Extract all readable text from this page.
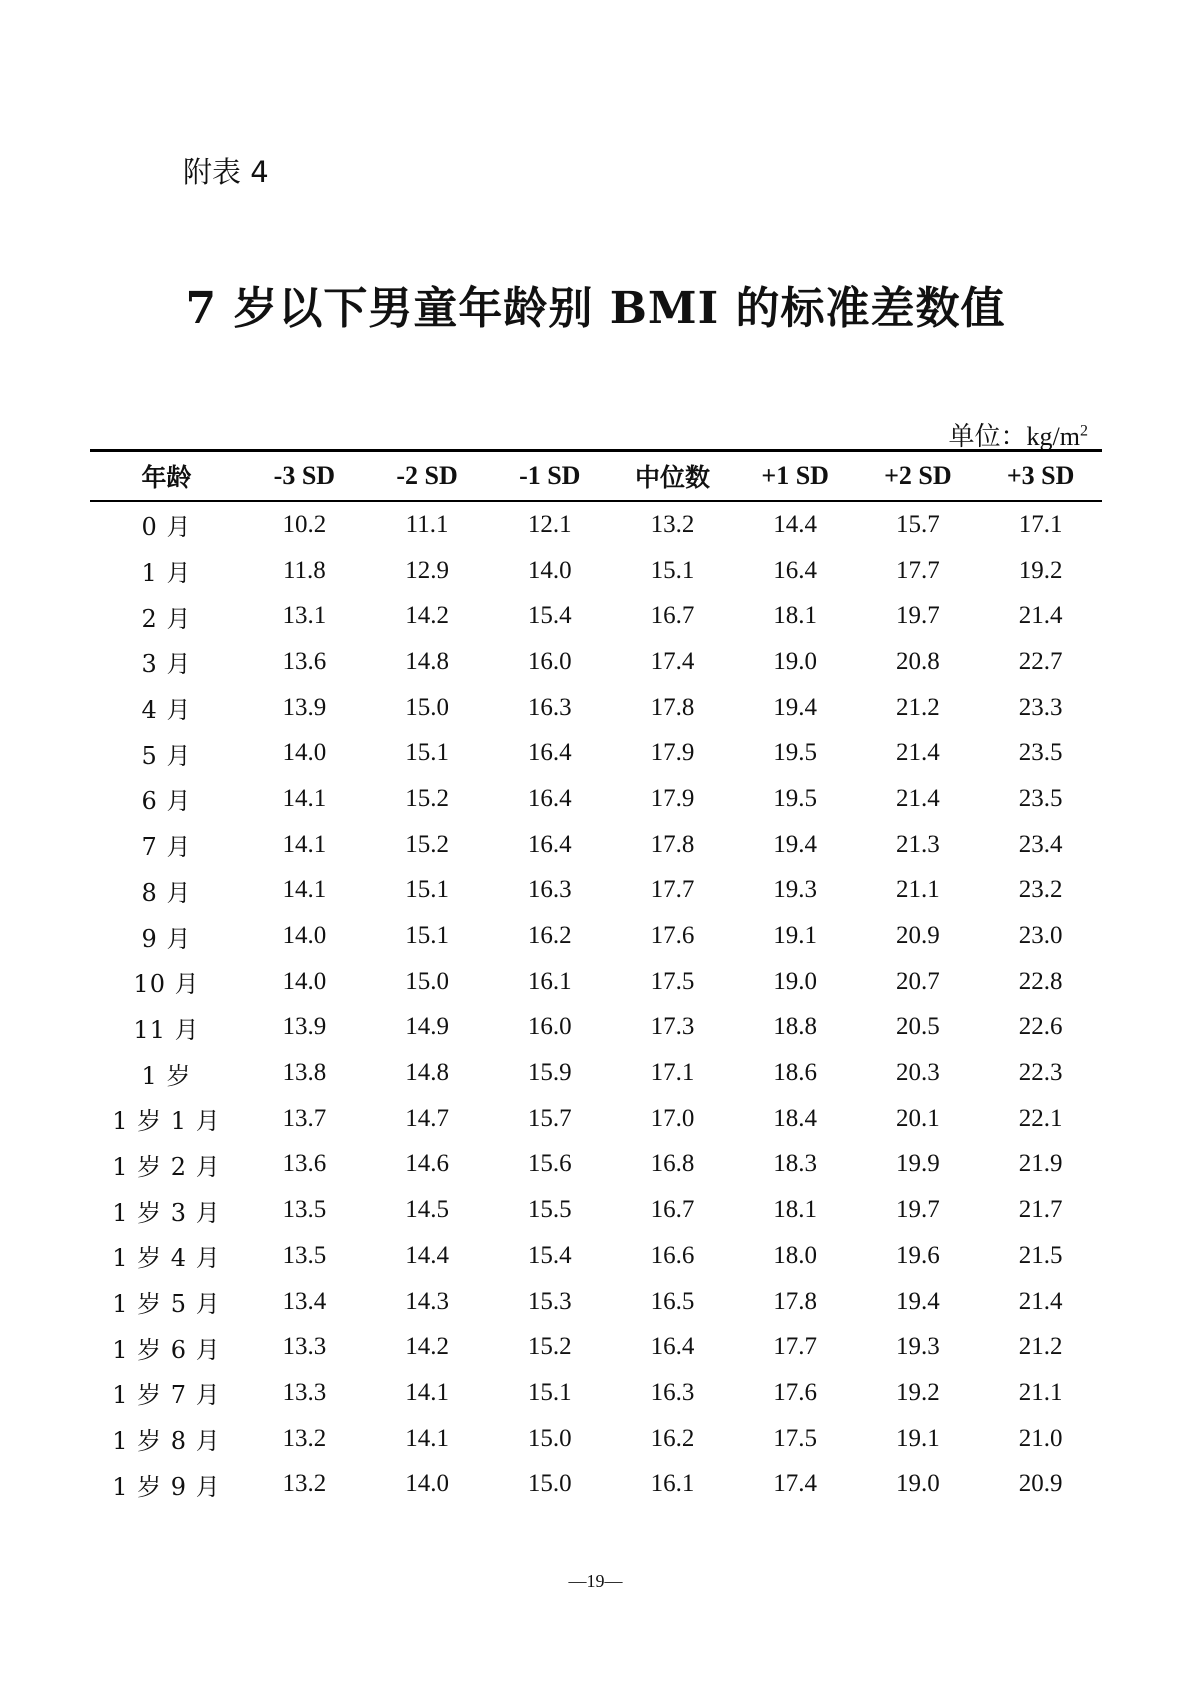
附表 4
7 岁以下男童年龄别 BMI 的标准差数值
单位：$kg/m^2$
年龄	-3 SD	-2 SD	-1 SD	中位数	+1 SD	+2 SD	+3 SD
0 月	10.2	11.1	12.1	13.2	14.4	15.7	17.1
1 月	11.8	12.9	14.0	15.1	16.4	17.7	19.2
2 月	13.1	14.2	15.4	16.7	18.1	19.7	21.4
3 月	13.6	14.8	16.0	17.4	19.0	20.8	22.7
4 月	13.9	15.0	16.3	17.8	19.4	21.2	23.3
5 月	14.0	15.1	16.4	17.9	19.5	21.4	23.5
6 月	14.1	15.2	16.4	17.9	19.5	21.4	23.5
7 月	14.1	15.2	16.4	17.8	19.4	21.3	23.4
8 月	14.1	15.1	16.3	17.7	19.3	21.1	23.2
9 月	14.0	15.1	16.2	17.6	19.1	20.9	23.0
10 月	14.0	15.0	16.1	17.5	19.0	20.7	22.8
11 月	13.9	14.9	16.0	17.3	18.8	20.5	22.6
1 岁	13.8	14.8	15.9	17.1	18.6	20.3	22.3
1 岁 1 月	13.7	14.7	15.7	17.0	18.4	20.1	22.1
1 岁 2 月	13.6	14.6	15.6	16.8	18.3	19.9	21.9
1 岁 3 月	13.5	14.5	15.5	16.7	18.1	19.7	21.7
1 岁 4 月	13.5	14.4	15.4	16.6	18.0	19.6	21.5
1 岁 5 月	13.4	14.3	15.3	16.5	17.8	19.4	21.4
1 岁 6 月	13.3	14.2	15.2	16.4	17.7	19.3	21.2
1 岁 7 月	13.3	14.1	15.1	16.3	17.6	19.2	21.1
1 岁 8 月	13.2	14.1	15.0	16.2	17.5	19.1	21.0
1 岁 9 月	13.2	14.0	15.0	16.1	17.4	19.0	20.9
—19—
